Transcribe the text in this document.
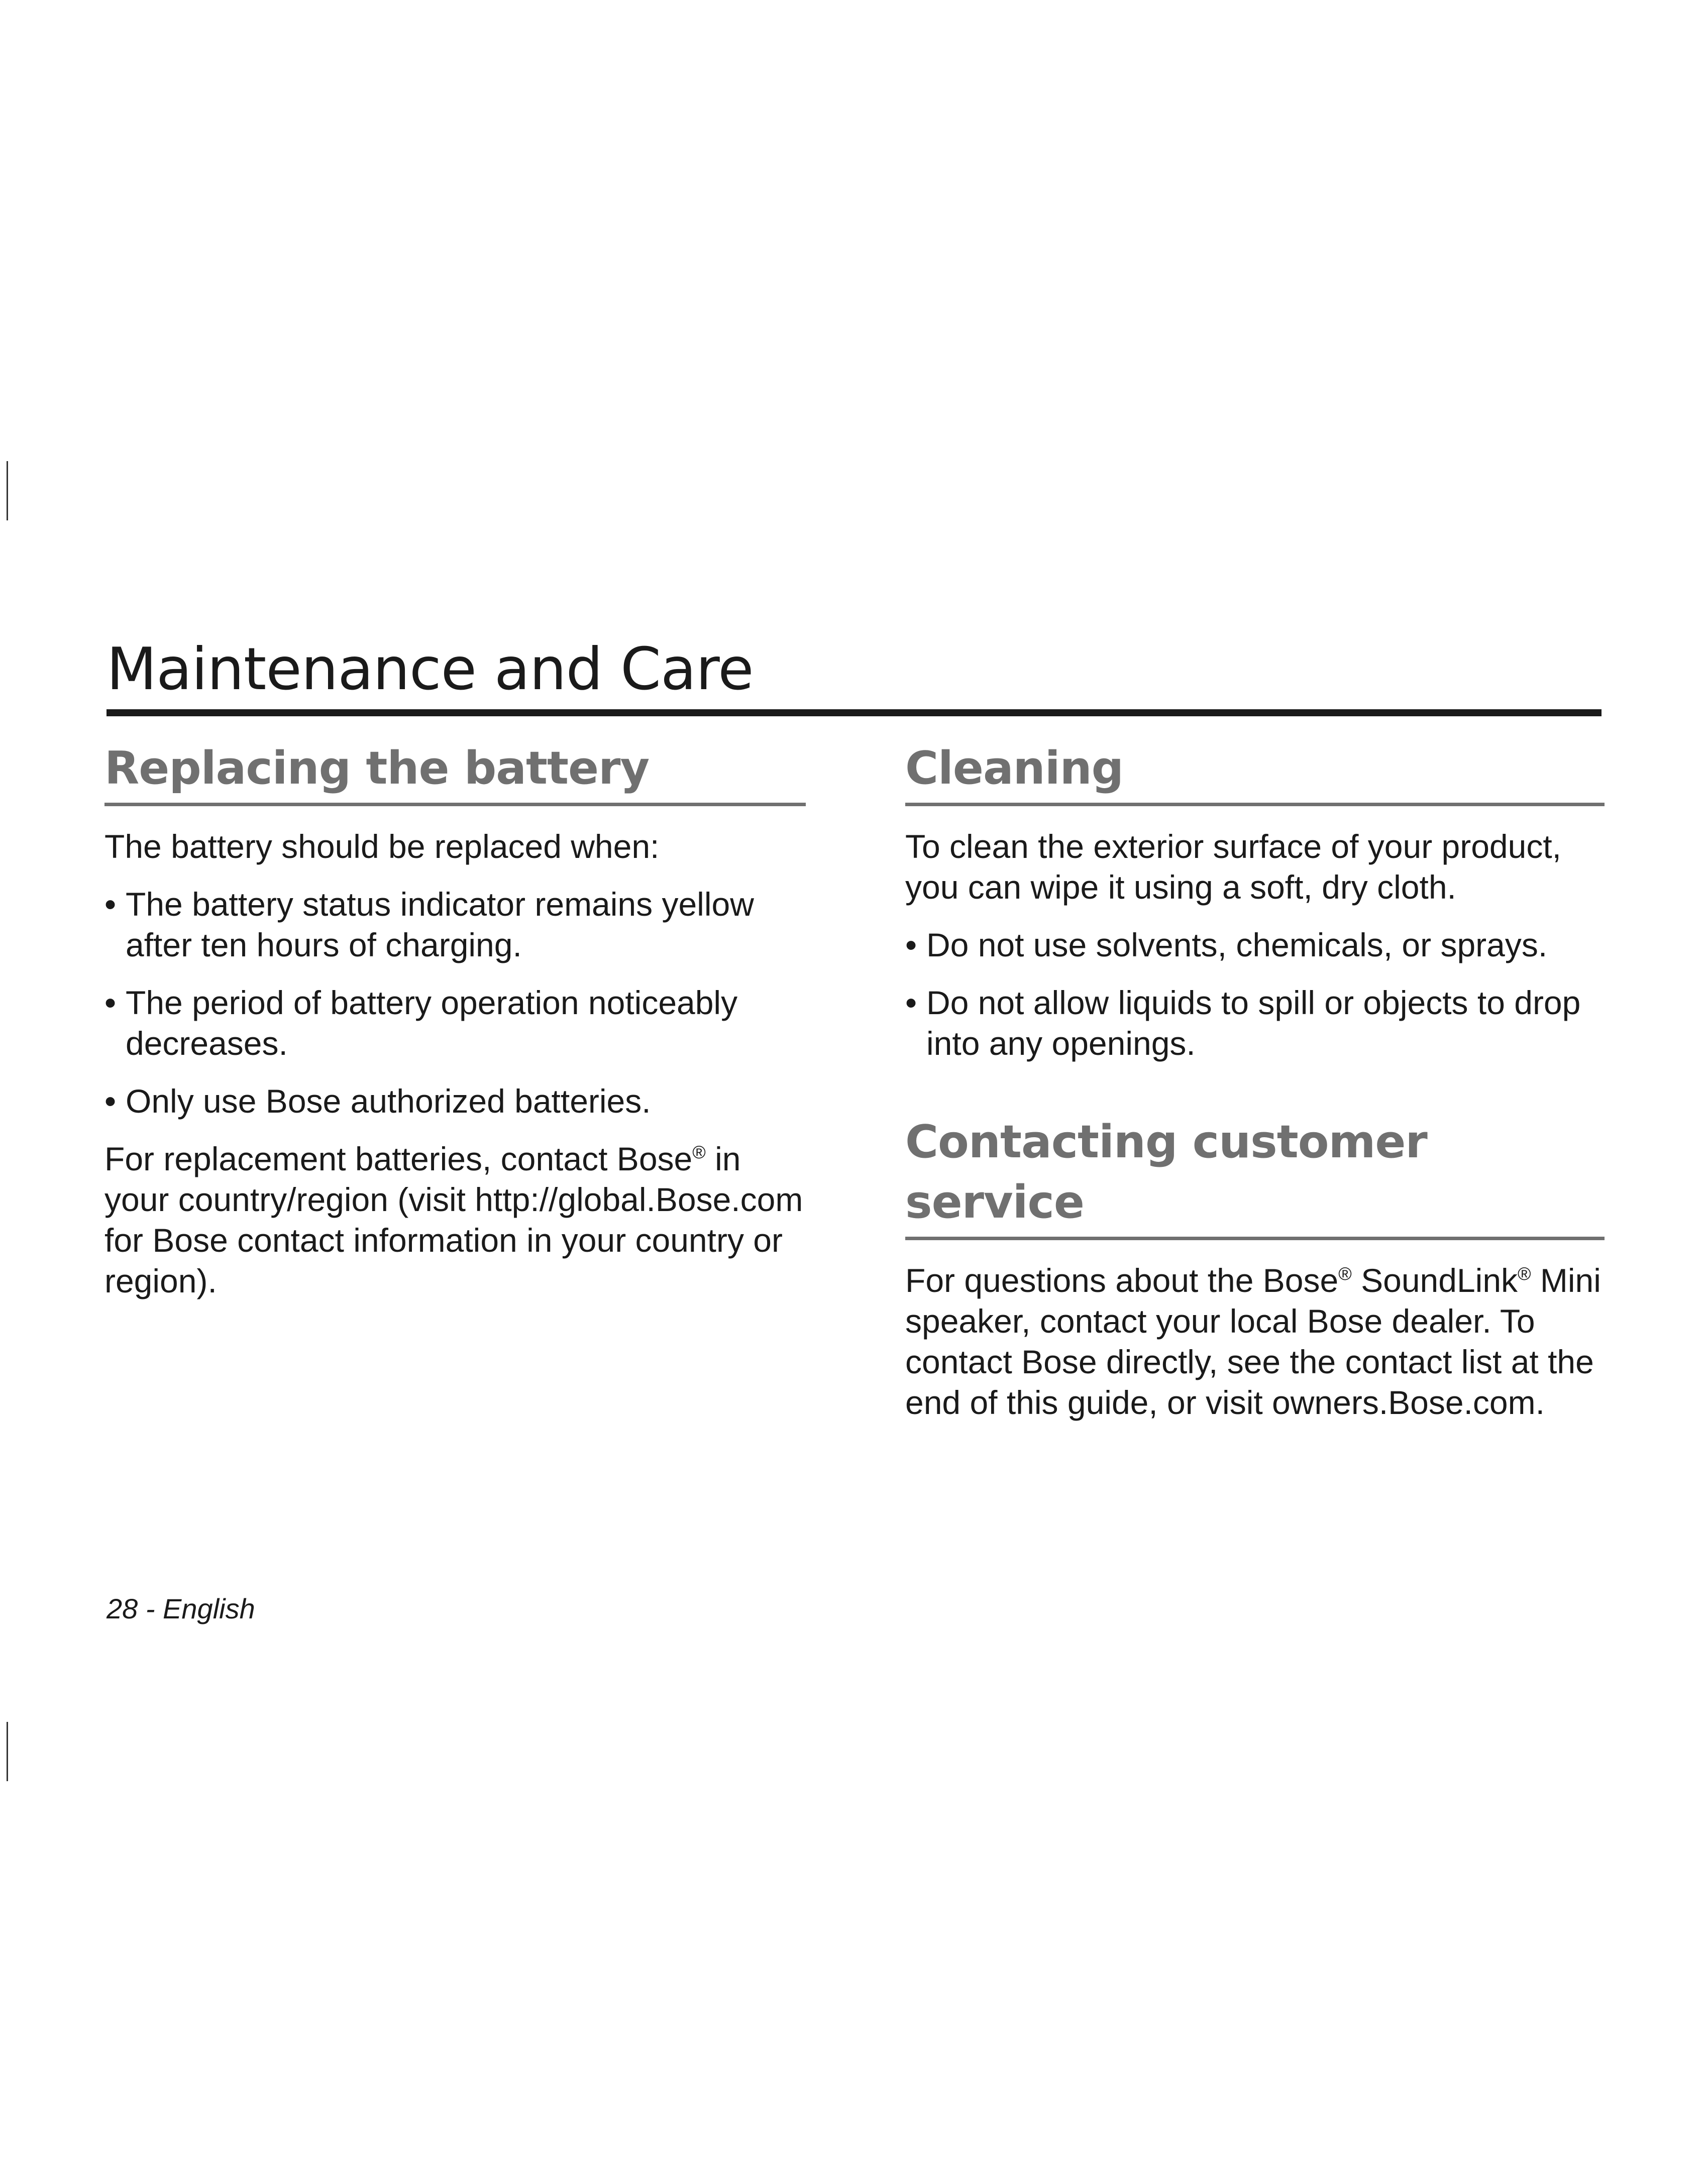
Maintenance and Care
Replacing the battery

The battery should be replaced when:

• The battery status indicator remains yellow after ten hours of charging.
• The period of battery operation noticeably decreases.
• Only use Bose authorized batteries.

For replacement batteries, contact Bose® in your country/region (visit http://global.Bose.com for Bose contact information in your country or region).

Cleaning

To clean the exterior surface of your product, you can wipe it using a soft, dry cloth.

• Do not use solvents, chemicals, or sprays.
• Do not allow liquids to spill or objects to drop into any openings.
Contacting customer service

For questions about the Bose® SoundLink® Mini speaker, contact your local Bose dealer. To contact Bose directly, see the contact list at the end of this guide, or visit owners.Bose.com.

28 - English
